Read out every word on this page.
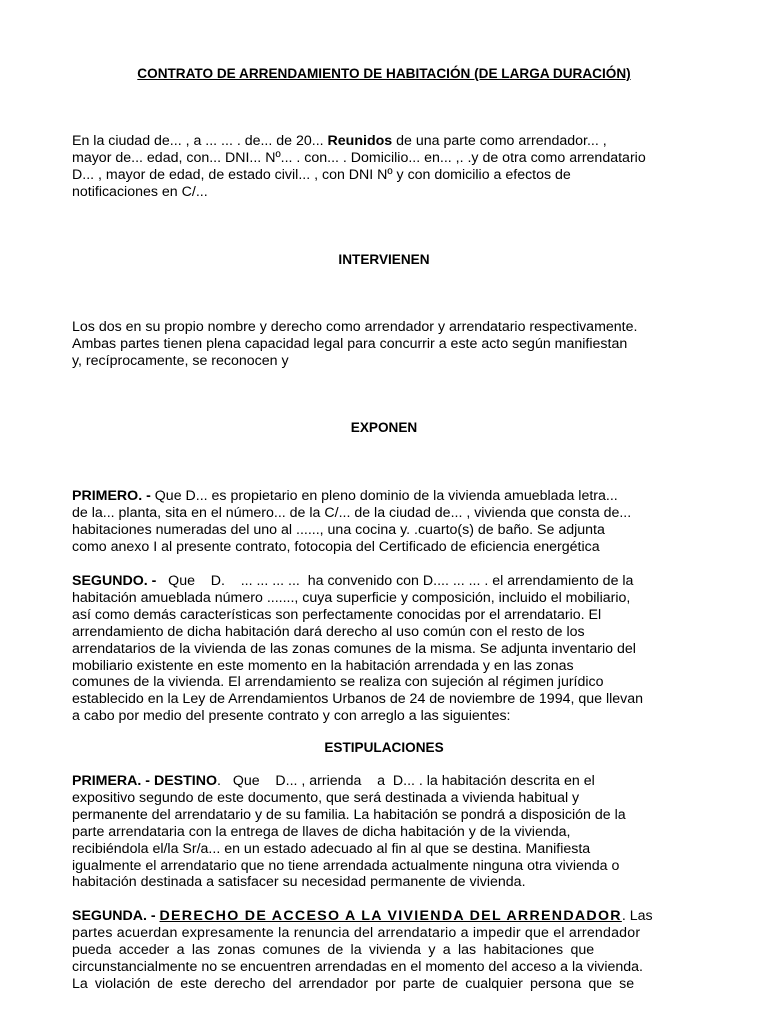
CONTRATO DE ARRENDAMIENTO DE HABITACIÓN (DE LARGA DURACIÓN)
En la ciudad de... , a ... ... . de... de 20... Reunidos de una parte como arrendador... ,
mayor de... edad, con... DNI... Nº... . con... . Domicilio... en... ,. .y de otra como arrendatario
D... , mayor de edad, de estado civil... , con DNI Nº y con domicilio a efectos de
notificaciones en C/...
INTERVIENEN
Los dos en su propio nombre y derecho como arrendador y arrendatario respectivamente.
Ambas partes tienen plena capacidad legal para concurrir a este acto según manifiestan
y, recíprocamente, se reconocen y
EXPONEN
PRIMERO. - Que D... es propietario en pleno dominio de la vivienda amueblada letra...
de la... planta, sita en el número... de la C/... de la ciudad de... , vivienda que consta de...
habitaciones numeradas del uno al ......, una cocina y. .cuarto(s) de baño. Se adjunta
como anexo I al presente contrato, fotocopia del Certificado de eficiencia energética
SEGUNDO. -   Que    D.    ... ... ... ...  ha convenido con D.... ... ... . el arrendamiento de la
habitación amueblada número ......., cuya superficie y composición, incluido el mobiliario,
así como demás características son perfectamente conocidas por el arrendatario. El
arrendamiento de dicha habitación dará derecho al uso común con el resto de los
arrendatarios de la vivienda de las zonas comunes de la misma. Se adjunta inventario del
mobiliario existente en este momento en la habitación arrendada y en las zonas
comunes de la vivienda. El arrendamiento se realiza con sujeción al régimen jurídico
establecido en la Ley de Arrendamientos Urbanos de 24 de noviembre de 1994, que llevan
a cabo por medio del presente contrato y con arreglo a las siguientes:
ESTIPULACIONES
PRIMERA. - DESTINO.   Que    D... , arrienda    a  D... . la habitación descrita en el
expositivo segundo de este documento, que será destinada a vivienda habitual y
permanente del arrendatario y de su familia. La habitación se pondrá a disposición de la
parte arrendataria con la entrega de llaves de dicha habitación y de la vivienda,
recibiéndola el/la Sr/a... en un estado adecuado al fin al que se destina. Manifiesta
igualmente el arrendatario que no tiene arrendada actualmente ninguna otra vivienda o
habitación destinada a satisfacer su necesidad permanente de vivienda.
SEGUNDA. - DERECHO DE ACCESO A LA VIVIENDA DEL ARRENDADOR. Las
partes acuerdan expresamente la renuncia del arrendatario a impedir que el arrendador
pueda acceder a las zonas comunes de la vivienda y a las habitaciones que
circunstancialmente no se encuentren arrendadas en el momento del acceso a la vivienda.
La violación de este derecho del arrendador por parte de cualquier persona que se
